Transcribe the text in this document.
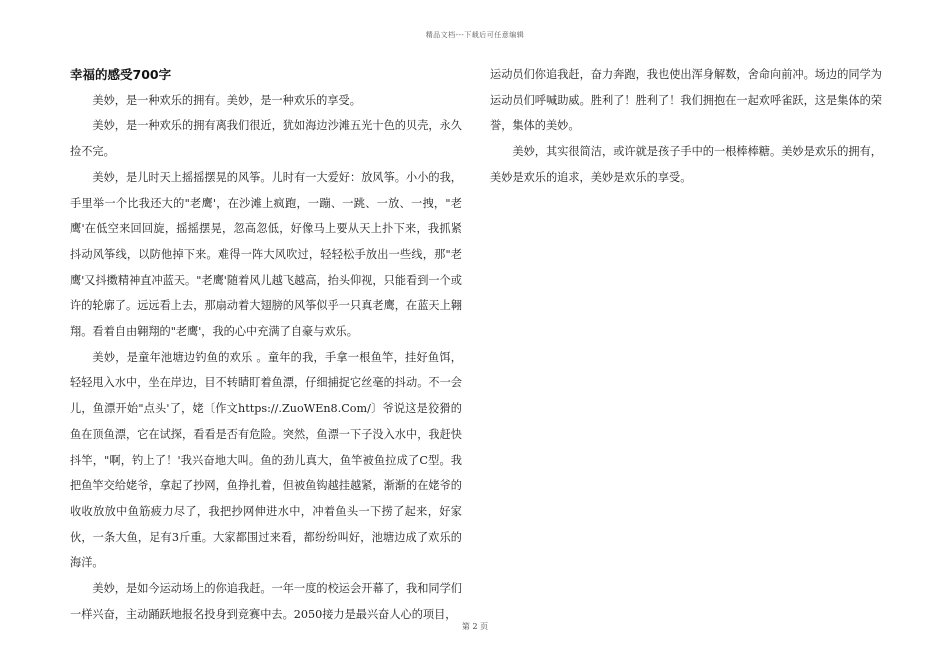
精品文档---下载后可任意编辑
幸福的感受700字

美妙，是一种欢乐的拥有。美妙，是一种欢乐的享受。

美妙，是一种欢乐的拥有离我们很近，犹如海边沙滩五光十色的贝壳，永久捡不完。

美妙，是儿时天上摇摇摆晃的风筝。儿时有一大爱好：放风筝。小小的我，手里举一个比我还大的"老鹰'，在沙滩上疯跑，一蹦、一跳、一放、一拽，"老鹰'在低空来回回旋，摇摇摆晃，忽高忽低，好像马上要从天上扑下来，我抓紧抖动风筝线，以防他掉下来。难得一阵大风吹过，轻轻松手放出一些线，那"老鹰'又抖擞精神直冲蓝天。"老鹰'随着风儿越飞越高，抬头仰视，只能看到一个或许的轮廓了。远远看上去，那扇动着大翅膀的风筝似乎一只真老鹰，在蓝天上翱翔。看着自由翱翔的"老鹰'，我的心中充满了自豪与欢乐。

美妙，是童年池塘边钓鱼的欢乐 。童年的我，手拿一根鱼竿，挂好鱼饵，轻轻甩入水中，坐在岸边，目不转睛盯着鱼漂，仔细捕捉它丝毫的抖动。不一会儿，鱼漂开始"点头'了，姥〔作文https://.ZuoWEn8.Com/〕爷说这是狡猾的鱼在顶鱼漂，它在试探，看看是否有危险。突然，鱼漂一下子没入水中，我赶快抖竿，"啊，钓上了！'我兴奋地大叫。鱼的劲儿真大，鱼竿被鱼拉成了C型。我把鱼竿交给姥爷，拿起了抄网，鱼挣扎着，但被鱼钩越挂越紧，渐渐的在姥爷的收收放放中鱼筋疲力尽了，我把抄网伸进水中，冲着鱼头一下捞了起来，好家伙，一条大鱼，足有3斤重。大家都围过来看，都纷纷叫好，池塘边成了欢乐的海洋。

美妙，是如今运动场上的你追我赶。一年一度的校运会开幕了，我和同学们一样兴奋，主动踊跃地报名投身到竞赛中去。2050接力是最兴奋人心的项目，

运动员们你追我赶，奋力奔跑，我也使出浑身解数，舍命向前冲。场边的同学为运动员们呼喊助威。胜利了！胜利了！我们拥抱在一起欢呼雀跃，这是集体的荣誉，集体的美妙。

美妙，其实很简洁，或许就是孩子手中的一根棒棒糖。美妙是欢乐的拥有，美妙是欢乐的追求，美妙是欢乐的享受。

第 2 页
